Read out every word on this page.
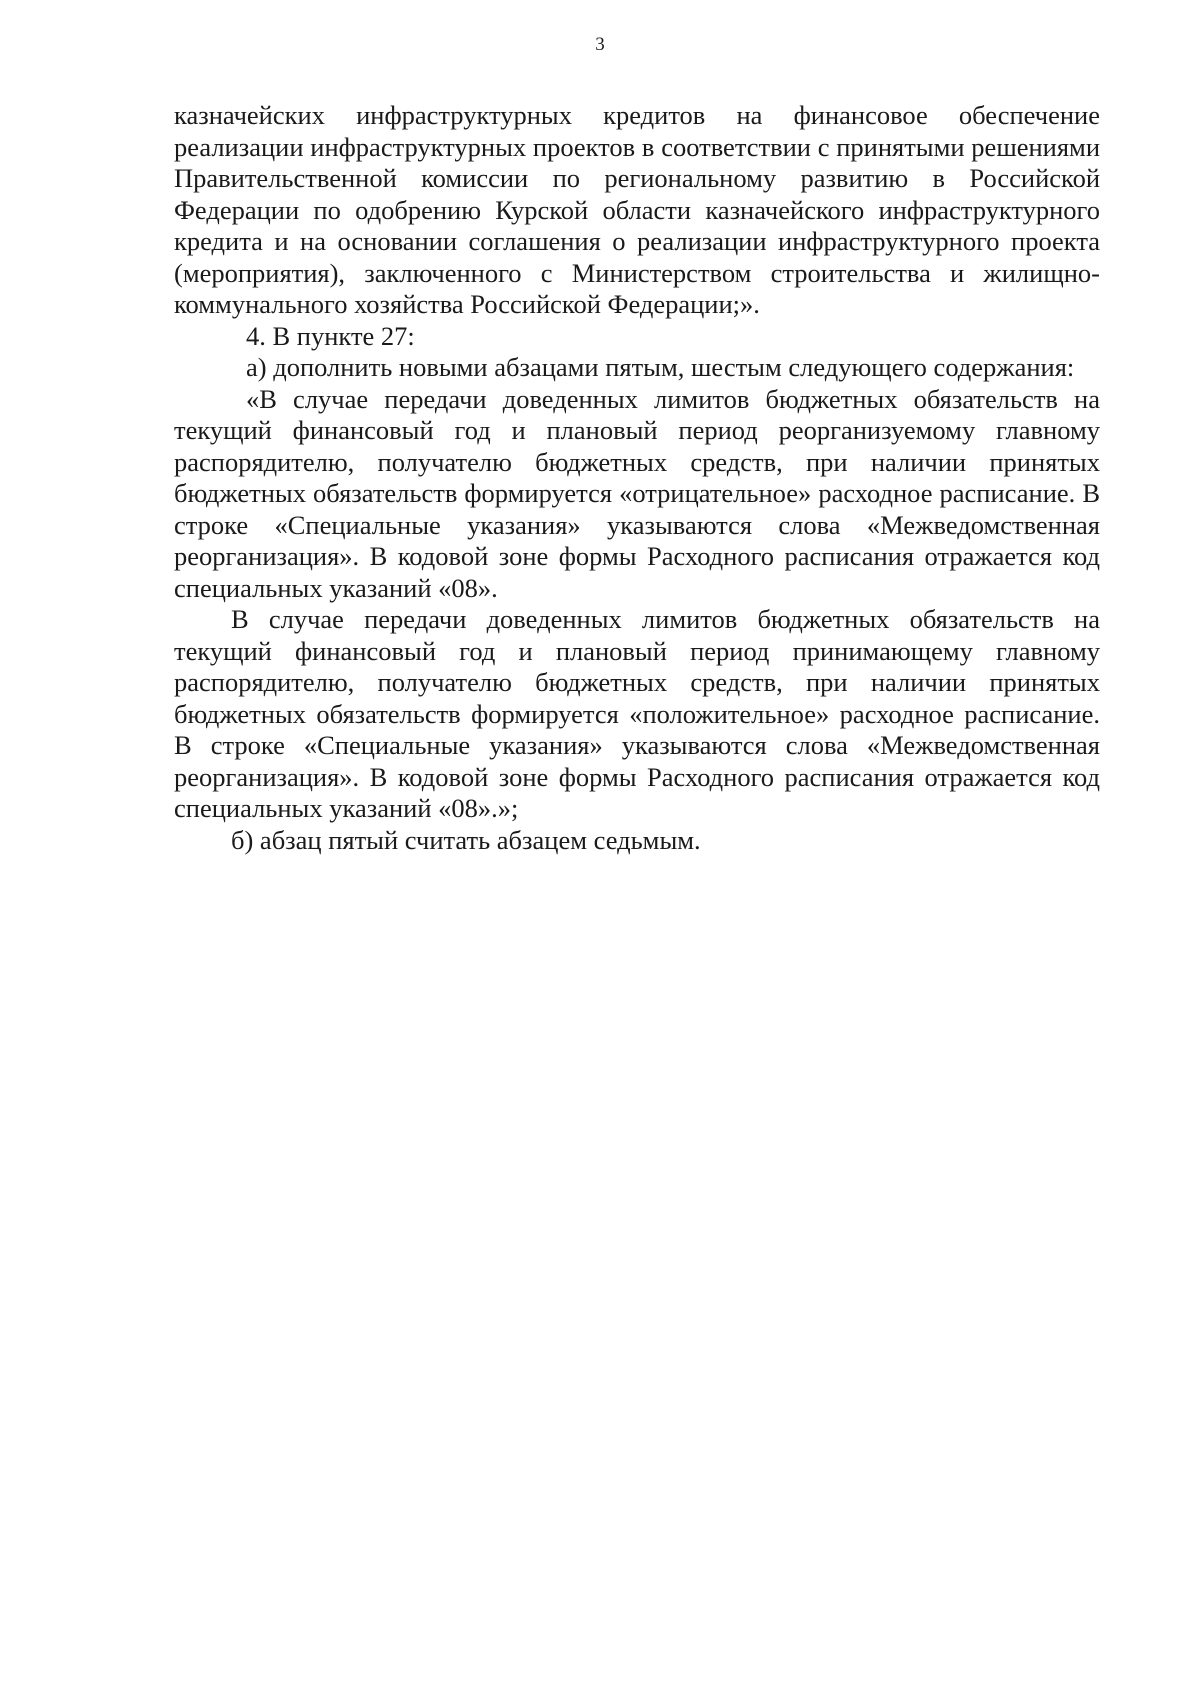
3

казначейских инфраструктурных кредитов на финансовое обеспечение реализации инфраструктурных проектов в соответствии с принятыми решениями Правительственной комиссии по региональному развитию в Российской Федерации по одобрению Курской области казначейского инфраструктурного кредита и на основании соглашения о реализации инфраструктурного проекта (мероприятия), заключенного с Министерством строительства и жилищно-коммунального хозяйства Российской Федерации;».

4. В пункте 27:

а) дополнить новыми абзацами пятым, шестым следующего содержания:

«В случае передачи доведенных лимитов бюджетных обязательств на текущий финансовый год и плановый период реорганизуемому главному распорядителю, получателю бюджетных средств, при наличии принятых бюджетных обязательств формируется «отрицательное» расходное расписание. В строке «Специальные указания» указываются слова «Межведомственная реорганизация». В кодовой зоне формы Расходного расписания отражается код специальных указаний «08».

В случае передачи доведенных лимитов бюджетных обязательств на текущий финансовый год и плановый период принимающему главному распорядителю, получателю бюджетных средств, при наличии принятых бюджетных обязательств формируется «положительное» расходное расписание. В строке «Специальные указания» указываются слова «Межведомственная реорганизация». В кодовой зоне формы Расходного расписания отражается код специальных указаний «08».»;

б) абзац пятый считать абзацем седьмым.
